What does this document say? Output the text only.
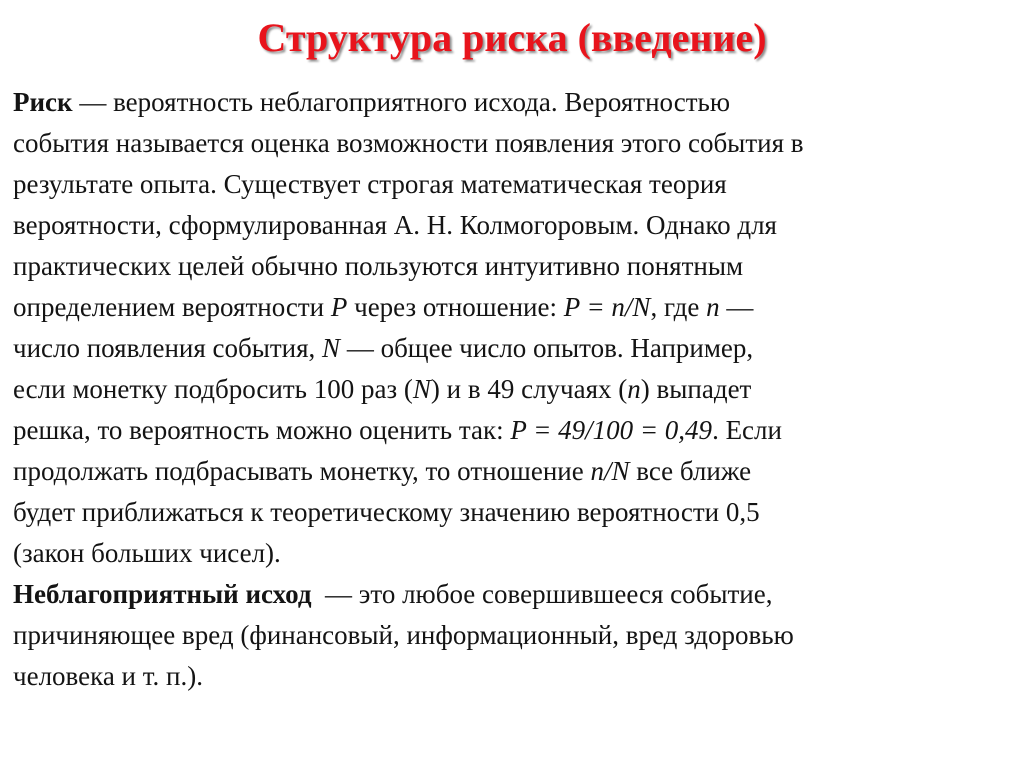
Структура риска (введение)
Риск — вероятность неблагоприятного исхода. Вероятностью
события называется оценка возможности появления этого события в
результате опыта. Существует строгая математическая теория
вероятности, сформулированная А. Н. Колмогоровым. Однако для
практических целей обычно пользуются интуитивно понятным
определением вероятности P через отношение: P = n/N, где n —
число появления события, N — общее число опытов. Например,
если монетку подбросить 100 раз (N) и в 49 случаях (n) выпадет
решка, то вероятность можно оценить так: P = 49/100 = 0,49. Если
продолжать подбрасывать монетку, то отношение n/N все ближе
будет приближаться к теоретическому значению вероятности 0,5
(закон больших чисел).
Неблагоприятный исход  — это любое совершившееся событие,
причиняющее вред (финансовый, информационный, вред здоровью
человека и т. п.).
